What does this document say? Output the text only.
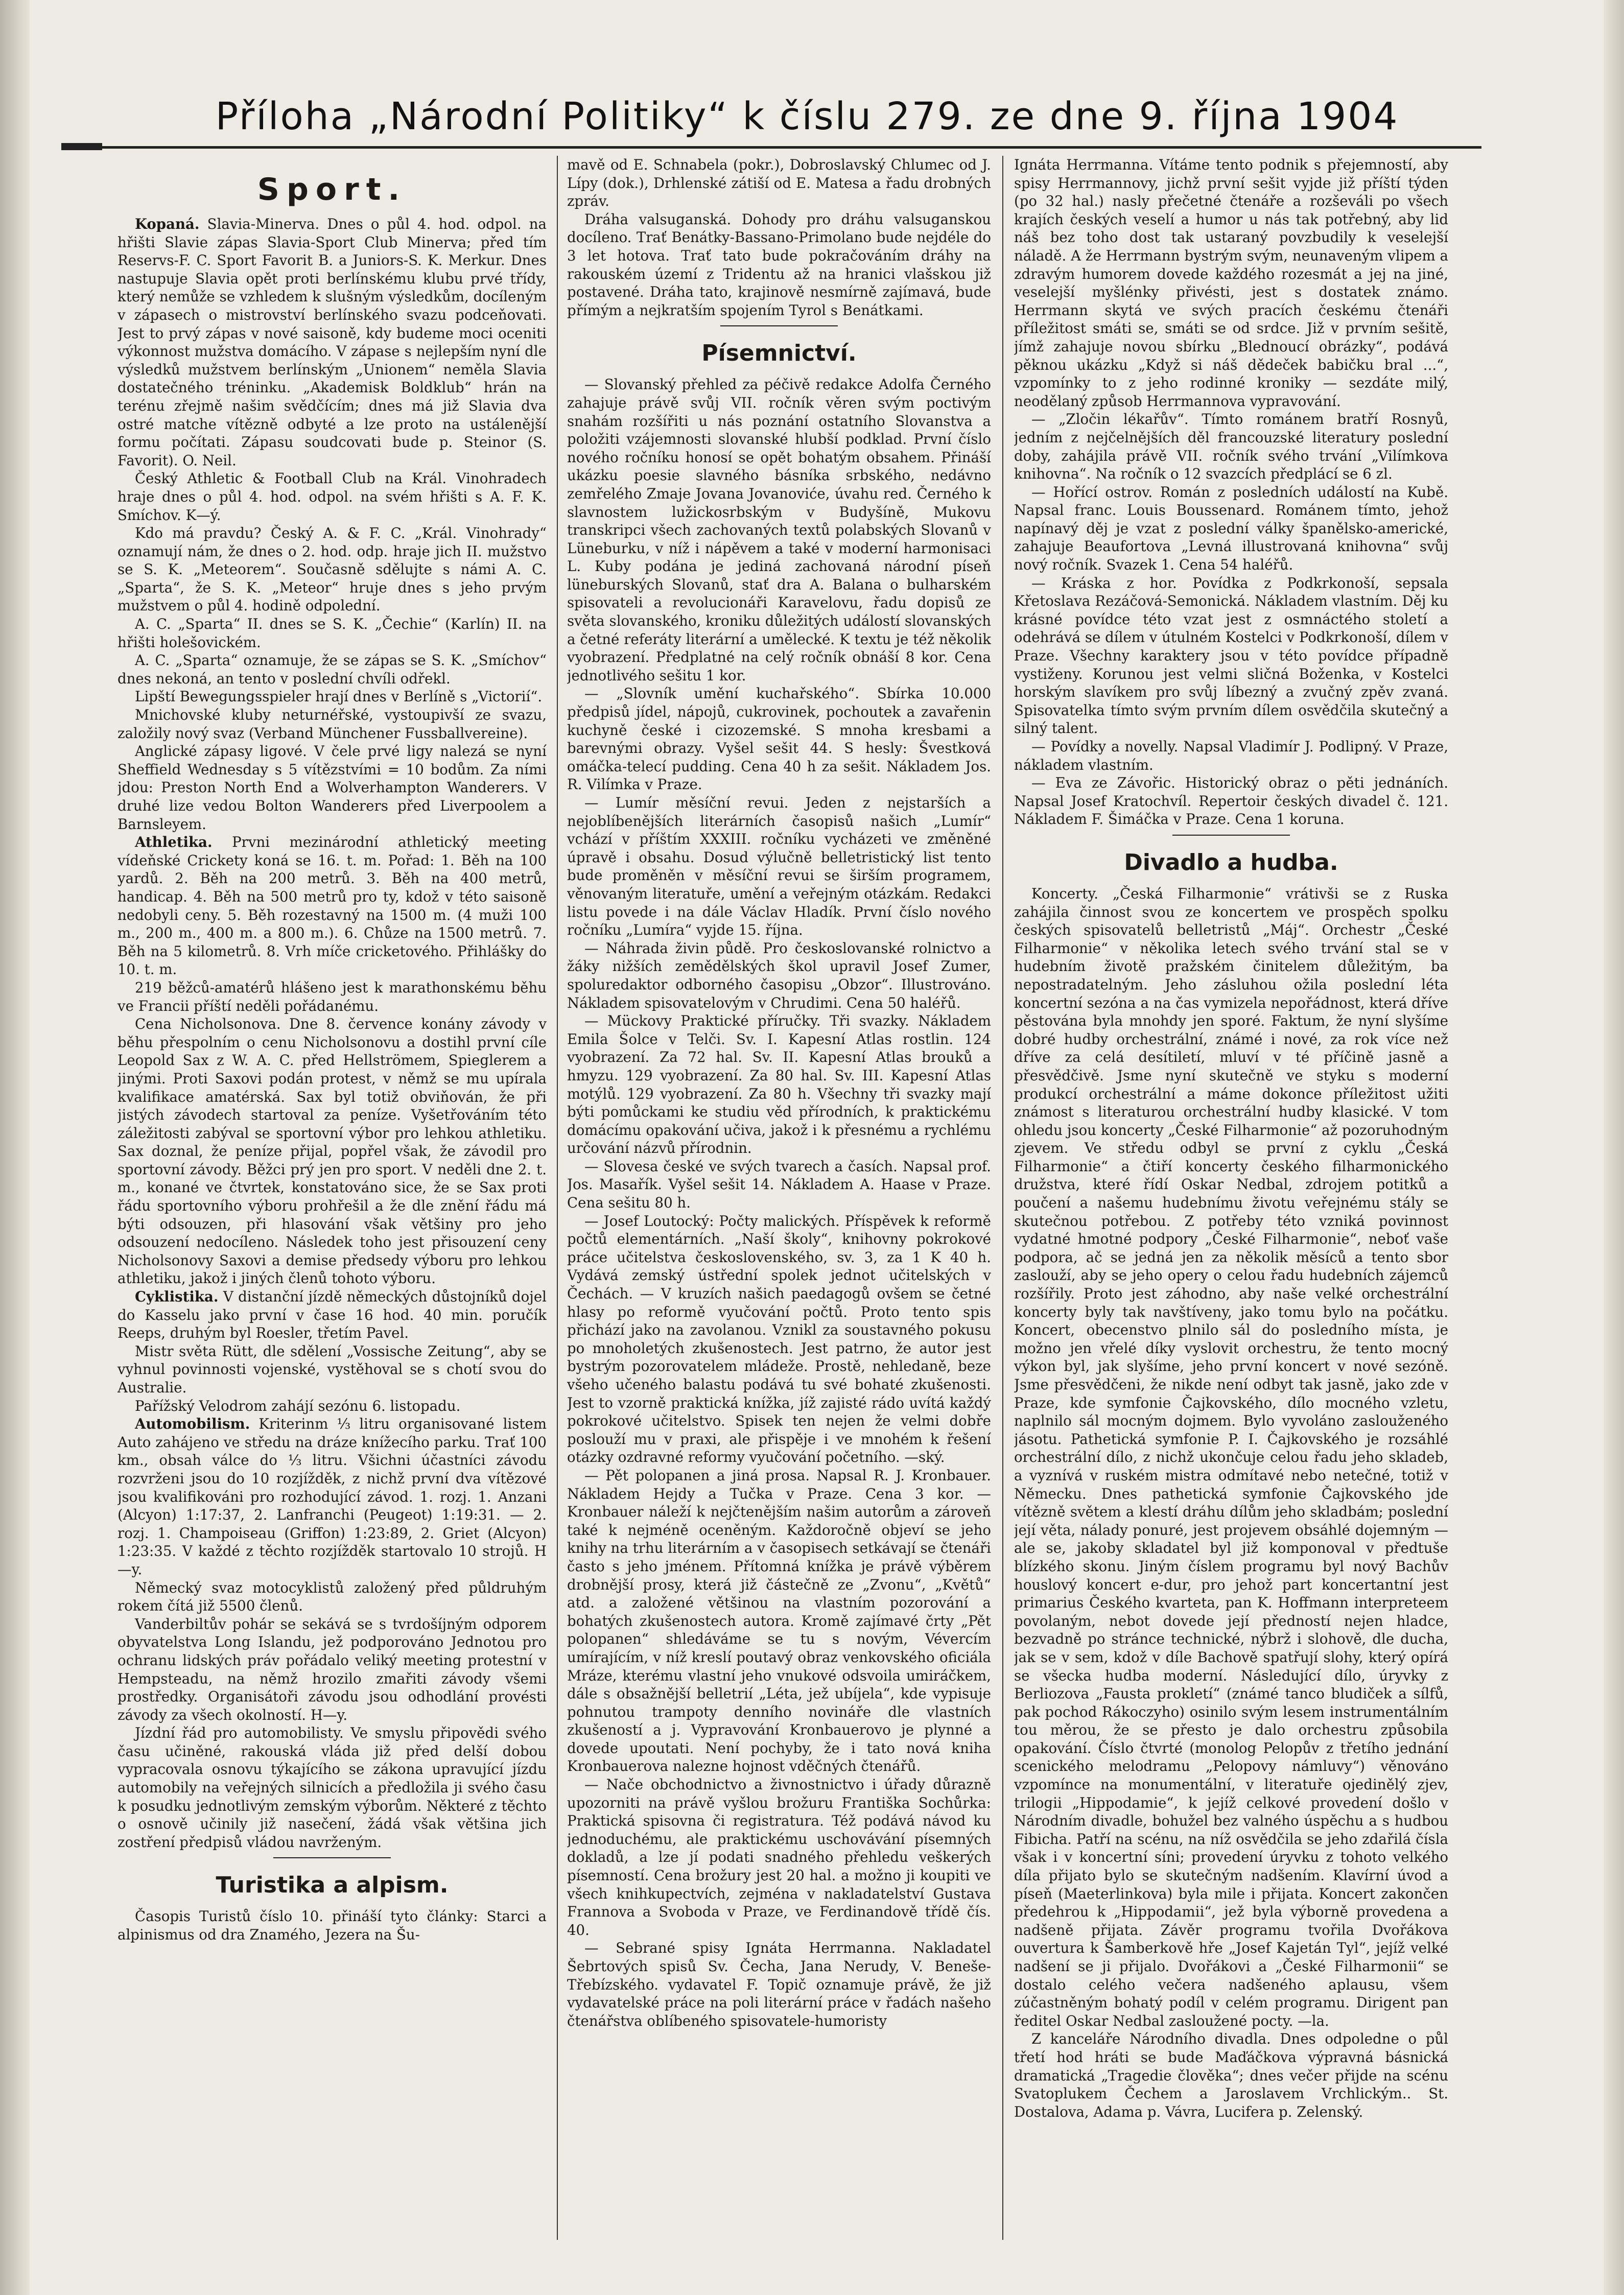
Příloha „Národní Politiky“ k číslu 279. ze dne 9. října 1904
Sport.

Kopaná. Slavia-Minerva. Dnes o půl 4. hod. odpol. na hřišti Slavie zápas Slavia-Sport Club Minerva; před tím Reservs-F. C. Sport Favorit B. a Juniors-S. K. Merkur. Dnes nastupuje Slavia opět proti berlínskému klubu prvé třídy, který nemůže se vzhledem k slušným výsledkům, docíleným v zápasech o mistrovství berlínského svazu podceňovati. Jest to prvý zápas v nové saisoně, kdy budeme moci oceniti výkonnost mužstva domácího. V zápase s nejlepším nyní dle výsledků mužstvem berlínským „Unionem“ neměla Slavia dostatečného tréninku. „Akademisk Boldklub“ hrán na terénu zřejmě našim svědčícím; dnes má již Slavia dva ostré matche vítězně odbyté a lze proto na ustálenější formu počítati. Zápasu soudcovati bude p. Steinor (S. Favorit). O. Neil.

Český Athletic & Football Club na Král. Vinohradech hraje dnes o půl 4. hod. odpol. na svém hřišti s A. F. K. Smíchov. K—ý.

Kdo má pravdu? Český A. & F. C. „Král. Vinohrady“ oznamují nám, že dnes o 2. hod. odp. hraje jich II. mužstvo se S. K. „Meteorem“. Současně sdělujte s námi A. C. „Sparta“, že S. K. „Meteor“ hruje dnes s jeho prvým mužstvem o půl 4. hodině odpolední.

A. C. „Sparta“ II. dnes se S. K. „Čechie“ (Karlín) II. na hřišti holešovickém.

A. C. „Sparta“ oznamuje, že se zápas se S. K. „Smíchov“ dnes nekoná, an tento v poslední chvíli odřekl.

Lipští Bewegungsspieler hrají dnes v Berlíně s „Victorií“.

Mnichovské kluby neturnéřské, vystoupivší ze svazu, založily nový svaz (Verband Münchener Fussballvereine).

Anglické zápasy ligové. V čele prvé ligy nalezá se nyní Sheffield Wednesday s 5 vítězstvími = 10 bodům. Za ními jdou: Preston North End a Wolverhampton Wanderers. V druhé lize vedou Bolton Wanderers před Liverpoolem a Barnsleyem.

Athletika. Prvni mezinárodní athletický meeting vídeňské Crickety koná se 16. t. m. Pořad: 1. Běh na 100 yardů. 2. Běh na 200 metrů. 3. Běh na 400 metrů, handicap. 4. Běh na 500 metrů pro ty, kdož v této saisoně nedobyli ceny. 5. Běh rozestavný na 1500 m. (4 muži 100 m., 200 m., 400 m. a 800 m.). 6. Chůze na 1500 metrů. 7. Běh na 5 kilometrů. 8. Vrh míče cricketového. Přihlášky do 10. t. m.

219 běžců-amatérů hlášeno jest k marathonskému běhu ve Francii příští neděli pořádanému.

Cena Nicholsonova. Dne 8. července konány závody v běhu přespolním o cenu Nicholsonovu a dostihl první cíle Leopold Sax z W. A. C. před Hellströmem, Spieglerem a jinými. Proti Saxovi podán protest, v němž se mu upírala kvalifikace amatérská. Sax byl totiž obviňován, že při jistých závodech startoval za peníze. Vyšetřováním této záležitosti zabýval se sportovní výbor pro lehkou athletiku. Sax doznal, že peníze přijal, popřel však, že závodil pro sportovní závody. Běžci prý jen pro sport. V neděli dne 2. t. m., konané ve čtvrtek, konstatováno sice, že se Sax proti řádu sportovního výboru prohřešil a že dle znění řádu má býti odsouzen, při hlasování však většiny pro jeho odsouzení nedocíleno. Následek toho jest přisouzení ceny Nicholsonovy Saxovi a demise předsedy výboru pro lehkou athletiku, jakož i jiných členů tohoto výboru.

Cyklistika. V distanční jízdě německých důstojníků dojel do Kasselu jako první v čase 16 hod. 40 min. poručík Reeps, druhým byl Roesler, třetím Pavel.

Mistr světa Rütt, dle sdělení „Vossische Zeitung“, aby se vyhnul povinnosti vojenské, vystěhoval se s chotí svou do Australie.

Pařížský Velodrom zahájí sezónu 6. listopadu.

Automobilism. Kriterinm ⅓ litru organisované listem Auto zahájeno ve středu na dráze knížecího parku. Trať 100 km., obsah válce do ⅓ litru. Všichni účastníci závodu rozvrženi jsou do 10 rozjížděk, z nichž první dva vítězové jsou kvalifikováni pro rozhodující závod. 1. rozj. 1. Anzani (Alcyon) 1:17:37, 2. Lanfranchi (Peugeot) 1:19:31. — 2. rozj. 1. Champoiseau (Griffon) 1:23:89, 2. Griet (Alcyon) 1:23:35. V každé z těchto rozjížděk startovalo 10 strojů. H—y.

Německý svaz motocyklistů založený před půldruhým rokem čítá již 5500 členů.

Vanderbiltův pohár se sekává se s tvrdošíjným odporem obyvatelstva Long Islandu, jež podporováno Jednotou pro ochranu lidských práv pořádalo veliký meeting protestní v Hempsteadu, na němž hrozilo zmařiti závody všemi prostředky. Organisátoři závodu jsou odhodlání provésti závody za všech okolností. H—y.

Jízdní řád pro automobilisty. Ve smyslu připovědi svého času učiněné, rakouská vláda již před delší dobou vypracovala osnovu týkajícího se zákona upravující jízdu automobily na veřejných silnicích a předložila ji svého času k posudku jednotlivým zemským výborům. Některé z těchto o osnově učinily již nasečení, žádá však většina jich zostření předpisů vládou navrženým.

Turistika a alpism.

Časopis Turistů číslo 10. přináší tyto články: Starci a alpinismus od dra Znamého, Jezera na Šu-

mavě od E. Schnabela (pokr.), Dobroslavský Chlumec od J. Lípy (dok.), Drhlenské zátiší od E. Matesa a řadu drobných zpráv.

Dráha valsuganská. Dohody pro dráhu valsuganskou docíleno. Trať Benátky-Bassano-Primolano bude nejdéle do 3 let hotova. Trať tato bude pokračováním dráhy na rakouském území z Tridentu až na hranici vlašskou již postavené. Dráha tato, krajinově nesmírně zajímavá, bude přímým a nejkratším spojením Tyrol s Benátkami.

Písemnictví.

— Slovanský přehled za péčivě redakce Adolfa Černého zahajuje právě svůj VII. ročník věren svým poctivým snahám rozšířiti u nás poznání ostatního Slovanstva a položiti vzájemnosti slovanské hlubší podklad. První číslo nového ročníku honosí se opět bohatým obsahem. Přináší ukázku poesie slavného básníka srbského, nedávno zemřelého Zmaje Jovana Jovanoviće, úvahu red. Černého k slavnostem lužickosrbským v Budyšíně, Mukovu transkripci všech zachovaných textů polabských Slovanů v Lüneburku, v níž i nápěvem a také v moderní harmonisaci L. Kuby podána je jediná zachovaná národní píseň lüneburských Slovanů, stať dra A. Balana o bulharském spisovateli a revolucionáři Karavelovu, řadu dopisů ze světa slovanského, kroniku důležitých událostí slovanských a četné referáty literární a umělecké. K textu je též několik vyobrazení. Předplatné na celý ročník obnáší 8 kor. Cena jednotlivého sešitu 1 kor.

— „Slovník umění kuchařského“. Sbírka 10.000 předpisů jídel, nápojů, cukrovinek, pochoutek a zavařenin kuchyně české i cizozemské. S mnoha kresbami a barevnými obrazy. Vyšel sešit 44. S hesly: Švestková omáčka-telecí pudding. Cena 40 h za sešit. Nákladem Jos. R. Vilímka v Praze.

— Lumír měsíční revui. Jeden z nejstarších a nejoblíbenějších literárních časopisů našich „Lumír“ vchází v příštím XXXIII. ročníku vycházeti ve změněné úpravě i obsahu. Dosud výlučně belletristický list tento bude proměněn v měsíční revui se širším programem, věnovaným literatuře, umění a veřejným otázkám. Redakci listu povede i na dále Václav Hladík. První číslo nového ročníku „Lumíra“ vyjde 15. října.

— Náhrada živin půdě. Pro českoslovanské rolnictvo a žáky nižších zemědělských škol upravil Josef Zumer, spoluredaktor odborného časopisu „Obzor“. Illustrováno. Nákladem spisovatelovým v Chrudimi. Cena 50 haléřů.

— Mückovy Praktické příručky. Tři svazky. Nákladem Emila Šolce v Telči. Sv. I. Kapesní Atlas rostlin. 124 vyobrazení. Za 72 hal. Sv. II. Kapesní Atlas brouků a hmyzu. 129 vyobrazení. Za 80 hal. Sv. III. Kapesní Atlas motýlů. 129 vyobrazení. Za 80 h. Všechny tři svazky mají býti pomůckami ke studiu věd přírodních, k praktickému domácímu opakování učiva, jakož i k přesnému a rychlému určování názvů přírodnin.

— Slovesa české ve svých tvarech a časích. Napsal prof. Jos. Masařík. Vyšel sešit 14. Nákladem A. Haase v Praze. Cena sešitu 80 h.

— Josef Loutocký: Počty malických. Příspěvek k reformě počtů elementárních. „Naší školy“, knihovny pokrokové práce učitelstva československého, sv. 3, za 1 K 40 h. Vydává zemský ústřední spolek jednot učitelských v Čechách. — V kruzích našich paedagogů ovšem se četné hlasy po reformě vyučování počtů. Proto tento spis přichází jako na zavolanou. Vznikl za soustavného pokusu po mnoholetých zkušenostech. Jest patrno, že autor jest bystrým pozorovatelem mládeže. Prostě, nehledaně, beze všeho učeného balastu podává tu své bohaté zkušenosti. Jest to vzorně praktická knížka, jíž zajisté rádo uvítá každý pokrokové učitelstvo. Spisek ten nejen že velmi dobře poslouží mu v praxi, ale přispěje i ve mnohém k řešení otázky ozdravné reformy vyučování početního. —ský.

— Pět polopanen a jiná prosa. Napsal R. J. Kronbauer. Nákladem Hejdy a Tučka v Praze. Cena 3 kor. — Kronbauer náleží k nejčtenějším našim autorům a zároveň také k nejméně oceněným. Každoročně objeví se jeho knihy na trhu literárním a v časopisech setkávají se čtenáři často s jeho jménem. Přítomná knížka je právě výběrem drobnější prosy, která již částečně ze „Zvonu“, „Květů“ atd. a založené většinou na vlastním pozorování a bohatých zkušenostech autora. Kromě zajímavé črty „Pět polopanen“ shledáváme se tu s novým, Vévercím umírajícím, v níž kreslí poutavý obraz venkovského oficiála Mráze, kterému vlastní jeho vnukové odsvoila umiráčkem, dále s obsažnější belletrií „Léta, jež ubíjela“, kde vypisuje pohnutou trampoty denního novináře dle vlastních zkušeností a j. Vypravování Kronbauerovo je plynné a dovede upoutati. Není pochyby, že i tato nová kniha Kronbauerova nalezne hojnost vděčných čtenářů.

— Nače obchodnictvo a živnostnictvo i úřady důrazně upozorniti na právě vyšlou brožuru Františka Sochůrka: Praktická spisovna či registratura. Též podává návod ku jednoduchému, ale praktickému uschovávání písemných dokladů, a lze jí podati snadného přehledu veškerých písemností. Cena brožury jest 20 hal. a možno ji koupiti ve všech knihkupectvích, zejména v nakladatelství Gustava Frannova a Svoboda v Praze, ve Ferdinandově třídě čís. 40.

— Sebrané spisy Ignáta Herrmanna. Nakladatel Šebrtových spisů Sv. Čecha, Jana Nerudy, V. Beneše-Třebízského. vydavatel F. Topič oznamuje právě, že již vydavatelské práce na poli literární práce v řadách našeho čtenářstva oblíbeného spisovatele-humoristy

Ignáta Herrmanna. Vítáme tento podnik s přejemností, aby spisy Herrmannovy, jichž první sešit vyjde již příští týden (po 32 hal.) nasly přečetné čtenáře a rozševáli po všech krajích českých veselí a humor u nás tak potřebný, aby lid náš bez toho dost tak ustaraný povzbudily k veselejší náladě. A že Herrmann bystrým svým, neunaveným vlipem a zdravým humorem dovede každého rozesmát a jej na jiné, veselejší myšlénky přivésti, jest s dostatek známo. Herrmann skytá ve svých pracích českému čtenáři příležitost smáti se, smáti se od srdce. Již v prvním sešitě, jímž zahajuje novou sbírku „Blednoucí obrázky“, podává pěknou ukázku „Když si náš dědeček babičku bral ...“, vzpomínky to z jeho rodinné kroniky — sezdáte milý, neodělaný způsob Herrmannova vypravování.

— „Zločin lékařův“. Tímto románem bratří Rosnyů, jedním z nejčelnějších děl francouzské literatury poslední doby, zahájila právě VII. ročník svého trvání „Vilímkova knihovna“. Na ročník o 12 svazcích předplácí se 6 zl.

— Hořící ostrov. Román z posledních událostí na Kubě. Napsal franc. Louis Boussenard. Románem tímto, jehož napínavý děj je vzat z poslední války španělsko-americké, zahajuje Beaufortova „Levná illustrovaná knihovna“ svůj nový ročník. Svazek 1. Cena 54 haléřů.

— Kráska z hor. Povídka z Podkrkonoší, sepsala Křetoslava Rezáčová-Semonická. Nákladem vlastním. Děj ku krásné povídce této vzat jest z osmnáctého století a odehrává se dílem v útulném Kostelci v Podkrkonoší, dílem v Praze. Všechny karaktery jsou v této povídce případně vystiženy. Korunou jest velmi sličná Boženka, v Kostelci horským slavíkem pro svůj líbezný a zvučný zpěv zvaná. Spisovatelka tímto svým prvním dílem osvědčila skutečný a silný talent.

— Povídky a novelly. Napsal Vladimír J. Podlipný. V Praze, nákladem vlastním.

— Eva ze Závořic. Historický obraz o pěti jednáních. Napsal Josef Kratochvíl. Repertoir českých divadel č. 121. Nákladem F. Šimáčka v Praze. Cena 1 koruna.

Divadlo a hudba.

Koncerty. „Česká Filharmonie“ vrátivši se z Ruska zahájila činnost svou ze koncertem ve prospěch spolku českých spisovatelů belletristů „Máj“. Orchestr „České Filharmonie“ v několika letech svého trvání stal se v hudebním životě pražském činitelem důležitým, ba nepostradatelným. Jeho zásluhou ožila poslední léta koncertní sezóna a na čas vymizela nepořádnost, která dříve pěstována byla mnohdy jen sporé. Faktum, že nyní slyšíme dobré hudby orchestrální, známé i nové, za rok více než dříve za celá desítiletí, mluví v té příčině jasně a přesvědčivě. Jsme nyní skutečně ve styku s moderní produkcí orchestrální a máme dokonce příležitost užiti známost s literaturou orchestrální hudby klasické. V tom ohledu jsou koncerty „České Filharmonie“ až pozoruhodným zjevem. Ve středu odbyl se první z cyklu „Česká Filharmonie“ a čtiří koncerty českého filharmonického družstva, které řídí Oskar Nedbal, zdrojem potitků a poučení a našemu hudebnímu životu veřejnému stály se skutečnou potřebou. Z potřeby této vzniká povinnost vydatné hmotné podpory „České Filharmonie“, neboť vaše podpora, ač se jedná jen za několik měsíců a tento sbor zaslouží, aby se jeho opery o celou řadu hudebních zájemců rozšířily. Proto jest záhodno, aby naše velké orchestrální koncerty byly tak navštíveny, jako tomu bylo na počátku. Koncert, obecenstvo plnilo sál do posledního místa, je možno jen vřelé díky vyslovit orchestru, že tento mocný výkon byl, jak slyšíme, jeho první koncert v nové sezóně. Jsme přesvědčeni, že nikde není odbyt tak jasně, jako zde v Praze, kde symfonie Čajkovského, dílo mocného vzletu, naplnilo sál mocným dojmem. Bylo vyvoláno zaslouženého jásotu. Pathetická symfonie P. I. Čajkovského je rozsáhlé orchestrální dílo, z nichž ukončuje celou řadu jeho skladeb, a vyznívá v ruském mistra odmítavé nebo netečné, totiž v Německu. Dnes pathetická symfonie Čajkovského jde vítězně světem a klestí dráhu dílům jeho skladbám; poslední její věta, nálady ponuré, jest projevem obsáhlé dojemným — ale se, jakoby skladatel byl již komponoval v předtuše blízkého skonu. Jiným číslem programu byl nový Bachův houslový koncert e-dur, pro jehož part koncertantní jest primarius Českého kvarteta, pan K. Hoffmann interpreteem povolaným, nebot dovede její předností nejen hladce, bezvadně po stránce technické, nýbrž i slohově, dle ducha, jak se v sem, kdož v díle Bachově spatřují slohy, který opírá se všecka hudba moderní. Následující dílo, úryvky z Berliozova „Fausta prokletí“ (známé tanco bludiček a sílfů, pak pochod Rákoczyho) osinilo svým lesem instrumentálním tou měrou, že se přesto je dalo orchestru způsobila opakování. Číslo čtvrté (monolog Pelopův z třetího jednání scenického melodramu „Pelopovy námluvy“) věnováno vzpomínce na monumentální, v literatuře ojedinělý zjev, trilogii „Hippodamie“, k jejíž celkové provedení došlo v Národním divadle, bohužel bez valného úspěchu a s hudbou Fibicha. Patří na scénu, na níž osvědčila se jeho zdařilá čísla však i v koncertní síni; provedení úryvku z tohoto velkého díla přijato bylo se skutečným nadšením. Klavírní úvod a píseň (Maeterlinkova) byla mile i přijata. Koncert zakončen předehrou k „Hippodamii“, jež byla výborně provedena a nadšeně přijata. Závěr programu tvořila Dvořákova ouvertura k Šamberkově hře „Josef Kajetán Tyl“, jejíž velké nadšení se ji přijalo. Dvořákovi a „České Filharmonii“ se dostalo celého večera nadšeného aplausu, všem zúčastněným bohatý podíl v celém programu. Dirigent pan ředitel Oskar Nedbal zasloužené pocty. —la.

Z kanceláře Národního divadla. Dnes odpoledne o půl třetí hod hráti se bude Maďáčkova výpravná básnická dramatická „Tragedie člověka“; dnes večer přijde na scénu Svatoplukem Čechem a Jaroslavem Vrchlickým.. St. Dostalova, Adama p. Vávra, Lucifera p. Zelenský.
